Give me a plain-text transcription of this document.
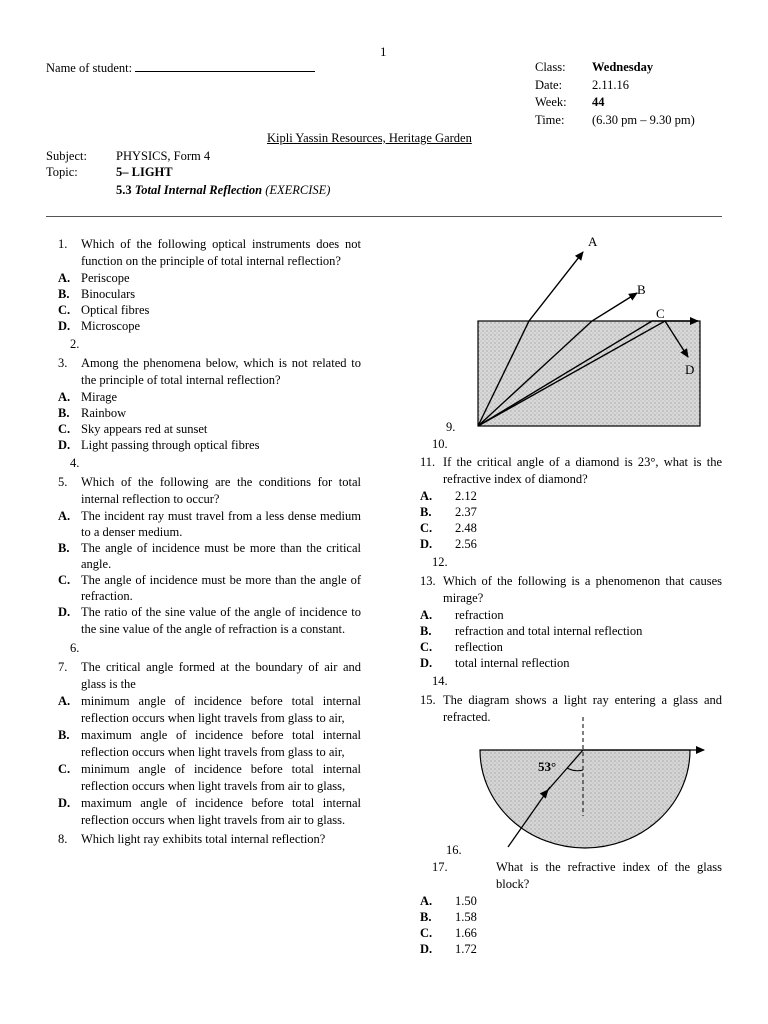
1
Name of student:	Class: Wednesday
Date: 2.11.16
Week: 44
Time: (6.30 pm – 9.30 pm)
Kipli Yassin Resources, Heritage Garden
Subject: PHYSICS, Form 4
Topic:	5– LIGHT
5.3 Total Internal Reflection (EXERCISE)
1.	Which of the following optical instruments does not function on the principle of total internal reflection?
A. Periscope
B. Binoculars
C. Optical fibres
D. Microscope
2.
3.	Among the phenomena below, which is not related to the principle of total internal reflection?
A. Mirage
B. Rainbow
C. Sky appears red at sunset
D. Light passing through optical fibres
4.
5.	Which of the following are the conditions for total internal reflection to occur?
A. The incident ray must travel from a less dense medium to a denser medium.
B. The angle of incidence must be more than the critical angle.
C. The angle of incidence must be more than the angle of refraction.
D. The ratio of the sine value of the angle of incidence to the sine value of the angle of refraction is a constant.
6.
7.	The critical angle formed at the boundary of air and glass is the
A. minimum angle of incidence before total internal reflection occurs when light travels from glass to air,
B. maximum angle of incidence before total internal reflection occurs when light travels from glass to air,
C. minimum angle of incidence before total internal reflection occurs when light travels from air to glass,
D. maximum angle of incidence before total internal reflection occurs when light travels from air to glass.
8.	Which light ray exhibits total internal reflection?
A
B
C
D
9.
10.
11. If the critical angle of a diamond is 23°, what is the refractive index of diamond?
A.	2.12
B.	2.37
C.	2.48
D.	2.56
12.
13. Which of the following is a phenomenon that causes mirage?
A.	refraction
B.	refraction and total internal reflection
C.	reflection
D.	total internal reflection
14.
15. The diagram shows a light ray entering a glass and refracted.
53°
16.
17.	What is the refractive index of the glass block?
A.	1.50
B.	1.58
C.	1.66
D.	1.72
